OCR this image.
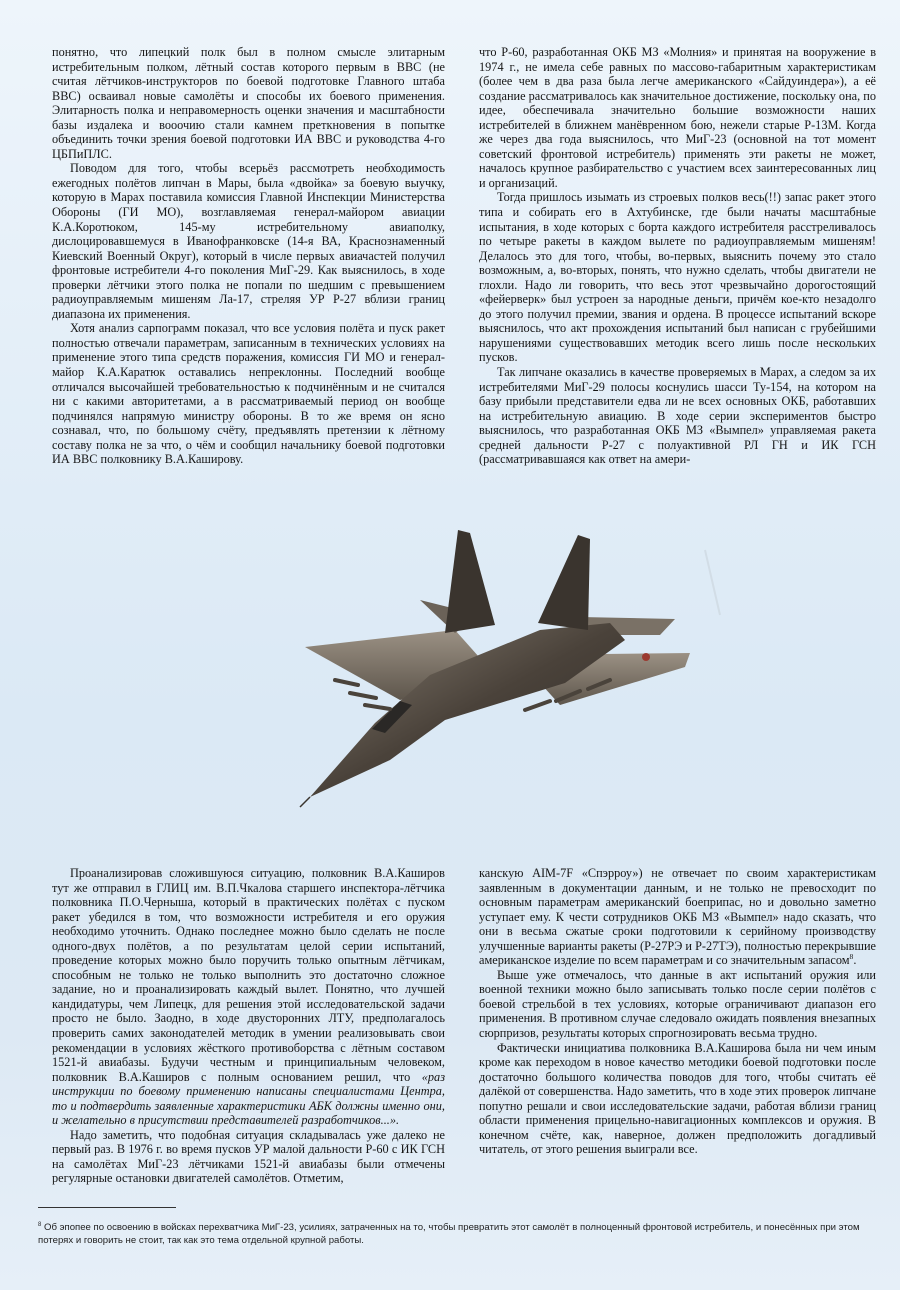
понятно, что липецкий полк был в полном смысле элитарным истребительным полком, лётный состав которого первым в ВВС (не считая лётчиков-инструкторов по боевой подготовке Главного штаба ВВС) осваивал новые самолёты и способы их боевого применения. Элитарность полка и неправомерность оценки значения и масштабности базы издалека и вооочию стали камнем преткновения в попытке объединить точки зрения боевой подготовки ИА ВВС и руководства 4-го ЦБПиПЛС.

Поводом для того, чтобы всерьёз рассмотреть необходимость ежегодных полётов липчан в Мары, была «двойка» за боевую выучку, которую в Марах поставила комиссия Главной Инспекции Министерства Обороны (ГИ МО), возглавляемая генерал-майором авиации К.А.Коротюком, 145-му истребительному авиаполку, дислоцировавшемуся в Иванофранковске (14-я ВА, Краснознаменный Киевский Военный Округ), который в числе первых авиачастей получил фронтовые истребители 4-го поколения МиГ-29. Как выяснилось, в ходе проверки лётчики этого полка не попали по шедшим с превышением радиоуправляемым мишеням Ла-17, стреляя УР Р-27 вблизи границ диапазона их применения.

Хотя анализ сарпограмм показал, что все условия полёта и пуск ракет полностью отвечали параметрам, записанным в технических условиях на применение этого типа средств поражения, комиссия ГИ МО и генерал-майор К.А.Каратюк оставались непреклонны. Последний вообще отличался высочайшей требовательностью к подчинённым и не считался ни с какими авторитетами, а в рассматриваемый период он вообще подчинялся напрямую министру обороны. В то же время он ясно сознавал, что, по большому счёту, предъявлять претензии к лётному составу полка не за что, о чём и сообщил начальнику боевой подготовки ИА ВВС полковнику В.А.Каширову.

что Р-60, разработанная ОКБ МЗ «Молния» и принятая на вооружение в 1974 г., не имела себе равных по массово-габаритным характеристикам (более чем в два раза была легче американского «Сайдуиндера»), а её создание рассматривалось как значительное достижение, поскольку она, по идее, обеспечивала значительно большие возможности наших истребителей в ближнем манёвренном бою, нежели старые Р-13М. Когда же через два года выяснилось, что МиГ-23 (основной на тот момент советский фронтовой истребитель) применять эти ракеты не может, началось крупное разбирательство с участием всех заинтересованных лиц и организаций.

Тогда пришлось изымать из строевых полков весь(!!) запас ракет этого типа и собирать его в Ахтубинске, где были начаты масштабные испытания, в ходе которых с борта каждого истребителя расстреливалось по четыре ракеты в каждом вылете по радиоуправляемым мишеням! Делалось это для того, чтобы, во-первых, выяснить почему это стало возможным, а, во-вторых, понять, что нужно сделать, чтобы двигатели не глохли. Надо ли говорить, что весь этот чрезвычайно дорогостоящий «фейерверк» был устроен за народные деньги, причём кое-кто незадолго до этого получил премии, звания и ордена. В процессе испытаний вскоре выяснилось, что акт прохождения испытаний был написан с грубейшими нарушениями существовавших методик всего лишь после нескольких пусков.

Так липчане оказались в качестве проверяемых в Марах, а следом за их истребителями МиГ-29 полосы коснулись шасси Ту-154, на котором на базу прибыли представители едва ли не всех основных ОКБ, работавших на истребительную авиацию. В ходе серии экспериментов быстро выяснилось, что разработанная ОКБ МЗ «Вымпел» управляемая ракета средней дальности Р-27 с полуактивной РЛ ГН и ИК ГСН (рассматривавшаяся как ответ на амери-

Проанализировав сложившуюся ситуацию, полковник В.А.Каширов тут же отправил в ГЛИЦ им. В.П.Чкалова старшего инспектора-лётчика полковника П.О.Черныша, который в практических полётах с пуском ракет убедился в том, что возможности истребителя и его оружия необходимо уточнить. Однако последнее можно было сделать не после одного-двух полётов, а по результатам целой серии испытаний, проведение которых можно было поручить только опытным лётчикам, способным не только не только выполнить это достаточно сложное задание, но и проанализировать каждый вылет. Понятно, что лучшей кандидатуры, чем Липецк, для решения этой исследовательской задачи просто не было. Заодно, в ходе двусторонних ЛТУ, предполагалось проверить самих законодателей методик в умении реализовывать свои рекомендации в условиях жёсткого противоборства с лётным составом 1521-й авиабазы. Будучи честным и принципиальным человеком, полковник В.А.Каширов с полным основанием решил, что «раз инструкции по боевому применению написаны специалистами Центра, то и подтвердить заявленные характеристики АБК должны именно они, и желательно в присутствии представителей разработчиков...».

Надо заметить, что подобная ситуация складывалась уже далеко не первый раз. В 1976 г. во время пусков УР малой дальности Р-60 с ИК ГСН на самолётах МиГ-23 лётчиками 1521-й авиабазы были отмечены регулярные остановки двигателей самолётов. Отметим,

канскую AIM-7F «Спэрроу») не отвечает по своим характеристикам заявленным в документации данным, и не только не превосходит по основным параметрам американский боеприпас, но и довольно заметно уступает ему. К чести сотрудников ОКБ МЗ «Вымпел» надо сказать, что они в весьма сжатые сроки подготовили к серийному производству улучшенные варианты ракеты (Р-27РЭ и Р-27ТЭ), полностью перекрывшие американское изделие по всем параметрам и со значительным запасом$^8$.

Выше уже отмечалось, что данные в акт испытаний оружия или военной техники можно было записывать только после серии полётов с боевой стрельбой в тех условиях, которые ограничивают диапазон его применения. В противном случае следовало ожидать появления внезапных сюрпризов, результаты которых спрогнозировать весьма трудно.

Фактически инициатива полковника В.А.Каширова была ни чем иным кроме как переходом в новое качество методики боевой подготовки после достаточно большого количества поводов для того, чтобы считать её далёкой от совершенства. Надо заметить, что в ходе этих проверок липчане попутно решали и свои исследовательские задачи, работая вблизи границ области применения прицельно-навигационных комплексов и оружия. В конечном счёте, как, наверное, должен предположить догадливый читатель, от этого решения выиграли все.

$^8$ Об эпопее по освоению в войсках перехватчика МиГ-23, усилиях, затраченных на то, чтобы превратить этот самолёт в полноценный фронтовой истребитель, и понесённых при этом потерях и говорить не стоит, так как это тема отдельной крупной работы.
